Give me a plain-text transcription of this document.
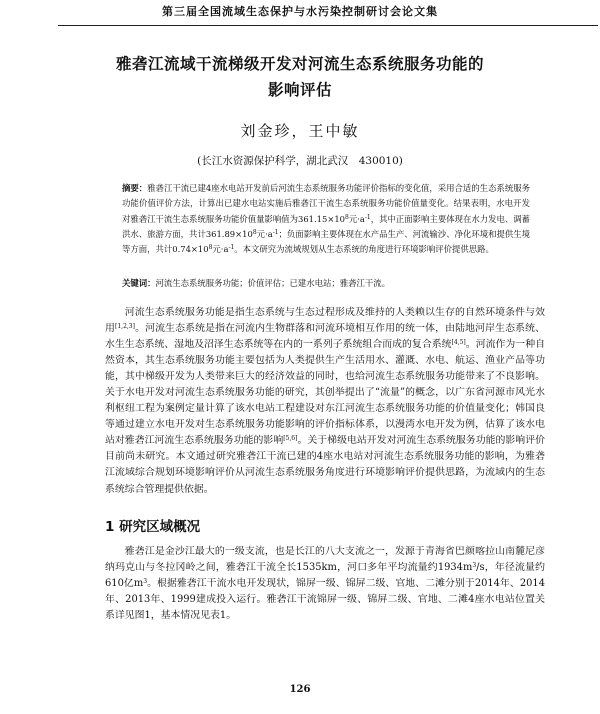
第三届全国流域生态保护与水污染控制研讨会论文集
雅砻江流域干流梯级开发对河流生态系统服务功能的
影响评估
刘金珍，王中敏
(长江水资源保护科学，湖北武汉　430010)
摘要：雅砻江干流已建4座水电站开发前后河流生态系统服务功能评价指标的变化值，采用合适的生态系统服务功能价值评价方法，计算出已建水电站实施后雅砻江干流生态系统服务功能价值量变化。结果表明，水电开发对雅砻江干流生态系统服务功能价值量影响值为$361.15\times 10^8$元$\cdot a^{-1}$，其中正面影响主要体现在水力发电、调蓄洪水、旅游方面，共计$361.89\times 10^8$元$\cdot a^{-1}$；负面影响主要体现在水产品生产、河流输沙、净化环境和提供生境等方面，共计$0.74\times 10^8$元$\cdot a^{-1}$。本文研究为流域规划从生态系统的角度进行环境影响评价提供思路。
关键词：河流生态系统服务功能；价值评估；已建水电站；雅砻江干流。

河流生态系统服务功能是指生态系统与生态过程形成及维持的人类赖以生存的自然环境条件与效用[1,2,3]。河流生态系统是指在河流内生物群落和河流环境相互作用的统一体，由陆地河岸生态系统、水生生态系统、湿地及沼泽生态系统等在内的一系列子系统组合而成的复合系统[4,5]。河流作为一种自然资本，其生态系统服务功能主要包括为人类提供生产生活用水、灌溉、水电、航运、渔业产品等功能，其中梯级开发为人类带来巨大的经济效益的同时，也给河流生态系统服务功能带来了不良影响。关于水电开发对河流生态系统服务功能的研究，其创举提出了“流量”的概念，以广东省河源市风光水利枢纽工程为案例定量计算了该水电站工程建设对东江河流生态系统服务功能的价值量变化；韩国良等通过建立水电开发对生态系统服务功能影响的评价指标体系，以漫湾水电开发为例，估算了该水电站对雅砻江河流生态系统服务功能的影响[5,6]。关于梯级电站开发对河流生态系统服务功能的影响评价目前尚未研究。本文通过研究雅砻江干流已建的4座水电站对河流生态系统服务功能的影响，为雅砻江流域综合规划环境影响评价从河流生态系统服务角度进行环境影响评价提供思路，为流域内的生态系统综合管理提供依据。

1 研究区域概况

雅砻江是金沙江最大的一级支流，也是长江的八大支流之一，发源于青海省巴颜喀拉山南麓尼彦纳玛克山与冬拉冈岭之间，雅砻江干流全长1535km，河口多年平均流量约$1934m^3/s$，年径流量约610亿$m^3$。根据雅砻江干流水电开发现状，锦屏一级、锦屏二级、官地、二滩分别于2014年、2014年、2013年、1999建成投入运行。雅砻江干流锦屏一级、锦屏二级、官地、二滩4座水电站位置关系详见图1，基本情况见表1。

126
